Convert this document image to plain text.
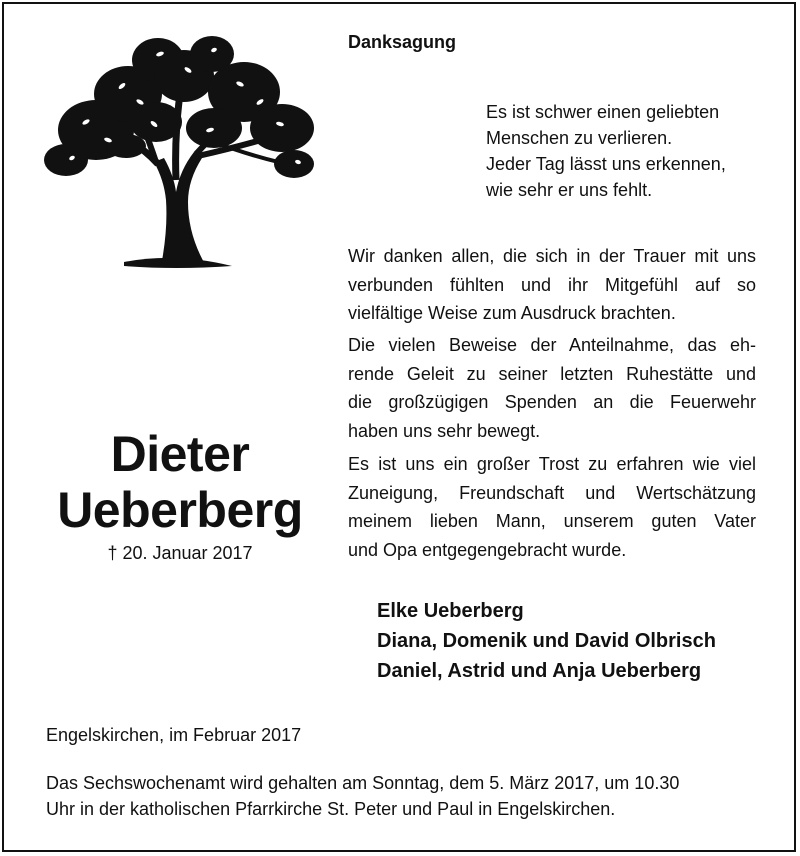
Danksagung
Es ist schwer einen geliebten
Menschen zu verlieren.
Jeder Tag lässt uns erkennen,
wie sehr er uns fehlt.
Wir danken allen, die sich in der Trauer mit uns
verbunden fühlten und ihr Mitgefühl auf so
vielfältige Weise zum Ausdruck brachten.
Die vielen Beweise der Anteilnahme, das eh-
rende Geleit zu seiner letzten Ruhestätte und
die großzügigen Spenden an die Feuerwehr
haben uns sehr bewegt.
Es ist uns ein großer Trost zu erfahren wie viel
Zuneigung, Freundschaft und Wertschätzung
meinem lieben Mann, unserem guten Vater
und Opa entgegengebracht wurde.
Dieter
Ueberberg
† 20. Januar 2017
Elke Ueberberg
Diana, Domenik und David Olbrisch
Daniel, Astrid und Anja Ueberberg
Engelskirchen, im Februar 2017
Das Sechswochenamt wird gehalten am Sonntag, dem 5. März 2017, um 10.30
Uhr in der katholischen Pfarrkirche St. Peter und Paul in Engelskirchen.
